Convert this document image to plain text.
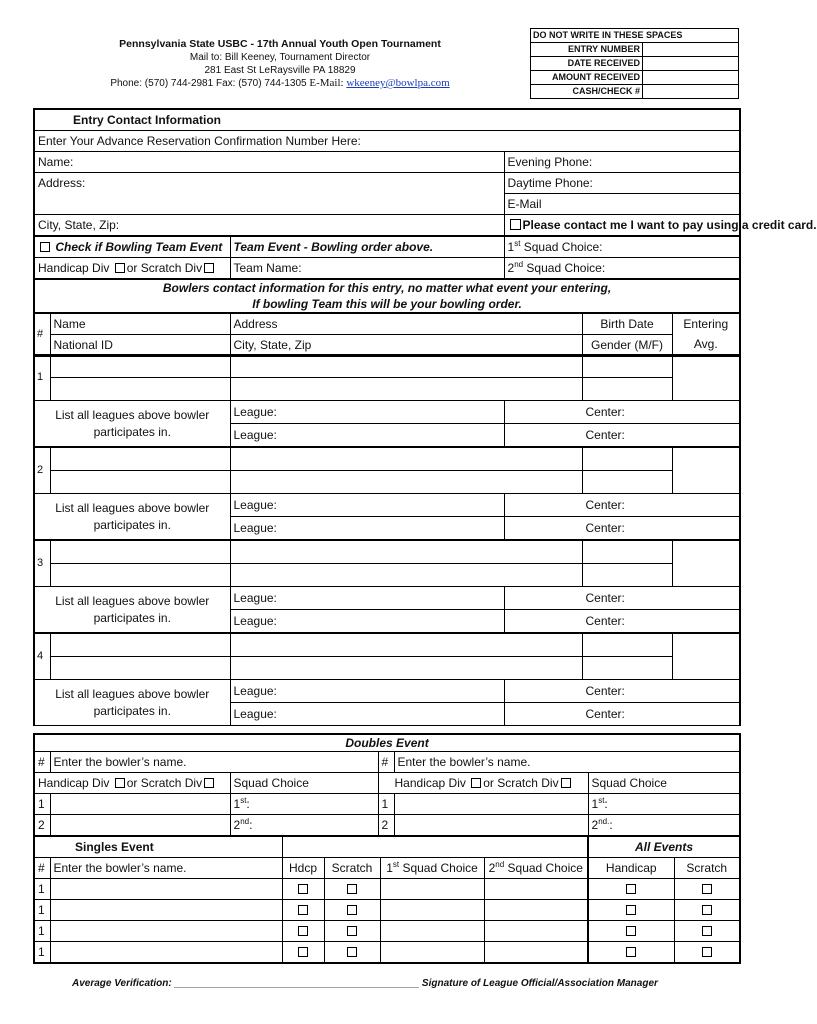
Pennsylvania State USBC - 17th Annual Youth Open Tournament
Mail to: Bill Keeney, Tournament Director
281 East St LeRaysville PA 18829
Phone: (570) 744-2981 Fax: (570) 744-1305 E-Mail: wkeeney@bowlpa.com
DO NOT WRITE IN THESE SPACES	
ENTRY NUMBER	
DATE RECEIVED	
AMOUNT RECEIVED	
CASH/CHECK #	
Entry Contact Information					
Enter Your Advance Reservation Confirmation Number Here:					
Name:			Evening Phone:		
Address:			Daytime Phone:		
			E-Mail		
City, State, Zip:			Please contact me I want to pay using a credit card.		
Check if Bowling Team Event		Team Event - Bowling order above.	1st Squad Choice:		
Handicap Div or Scratch Div		Team Name:	2nd Squad Choice:		
Bowlers contact information for this entry, no matter what event your entering,					
If bowling Team this will be your bowling order.					
#	Name	Address		Birth Date	Entering
	National ID	City, State, Zip		Gender (M/F)	Avg.
1					

List all leagues above bowler
participates in.		League:	Center:		
		League:	Center:		
2					

List all leagues above bowler
participates in.		League:	Center:		
		League:	Center:		
3					

List all leagues above bowler
participates in.		League:	Center:		
		League:	Center:		
4					

List all leagues above bowler
participates in.		League:	Center:		
		League:	Center:		
Doubles Event					
#	Enter the bowler’s name.		#	Enter the bowler’s name.	
Handicap Div or Scratch Div		Squad Choice	Handicap Div or Scratch Div		Squad Choice
1		1st:	1		1st:
2		2nd:	2		$2^{nd.}$:
Singles Event						All Events	
#	Enter the bowler’s name.	Hdcp	Scratch	1st Squad Choice	2nd Squad Choice	Handicap	Scratch
1							
1							
1							
1							
Average Verification: ____________________________________________ Signature of League Official/Association Manager
